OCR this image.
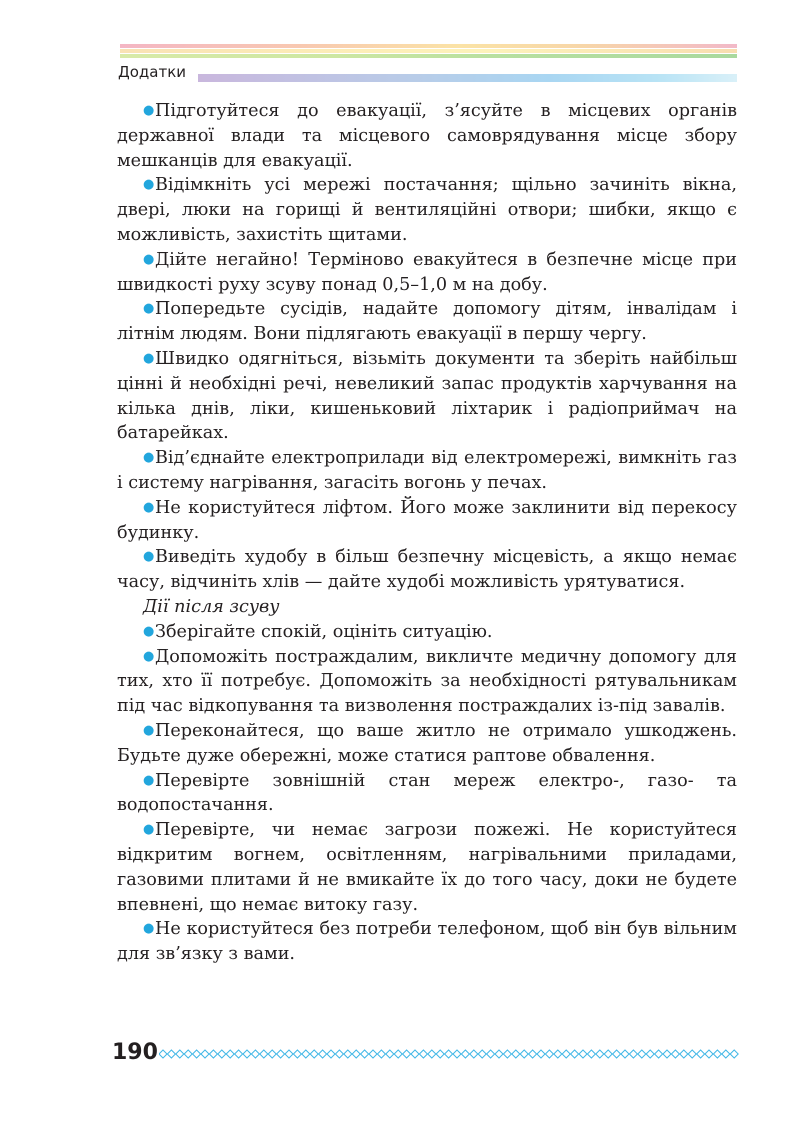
Додатки

●Підготуйтеся до евакуації, з’ясуйте в місцевих органів державної влади та місцевого самоврядування місце збору мешканців для евакуації.

●Відімкніть усі мережі постачання; щільно зачиніть вікна, двері, люки на горищі й вентиляційні отвори; шибки, якщо є можливість, захистіть щитами.

●Дійте негайно! Терміново евакуйтеся в безпечне місце при швидкості руху зсуву понад 0,5–1,0 м на добу.

●Попередьте сусідів, надайте допомогу дітям, інвалідам і літнім людям. Вони підлягають евакуації в першу чергу.

●Швидко одягніться, візьміть документи та зберіть найбільш цінні й необхідні речі, невеликий запас продуктів харчування на кілька днів, ліки, кишеньковий ліхтарик і радіоприймач на батарейках.

●Від’єднайте електроприлади від електромережі, вимкніть газ і систему нагрівання, загасіть вогонь у печах.

●Не користуйтеся ліфтом. Його може заклинити від перекосу будинку.

●Виведіть худобу в більш безпечну місцевість, а якщо немає часу, відчиніть хлів — дайте худобі можливість урятуватися.

Дії після зсуву

●Зберігайте спокій, оцініть ситуацію.

●Допоможіть постраждалим, викличте медичну допомогу для тих, хто її потребує. Допоможіть за необхідності рятувальникам під час відкопування та визволення постраждалих із-під завалів.

●Переконайтеся, що ваше житло не отримало ушкоджень. Будьте дуже обережні, може статися раптове обвалення.

●Перевірте зовнішній стан мереж електро-, газо- та водопостачання.

●Перевірте, чи немає загрози пожежі. Не користуйтеся відкритим вогнем, освітленням, нагрівальними приладами, газовими плитами й не вмикайте їх до того часу, доки не будете впевнені, що немає витоку газу.

●Не користуйтеся без потреби телефоном, щоб він був вільним для зв’язку з вами.

190
